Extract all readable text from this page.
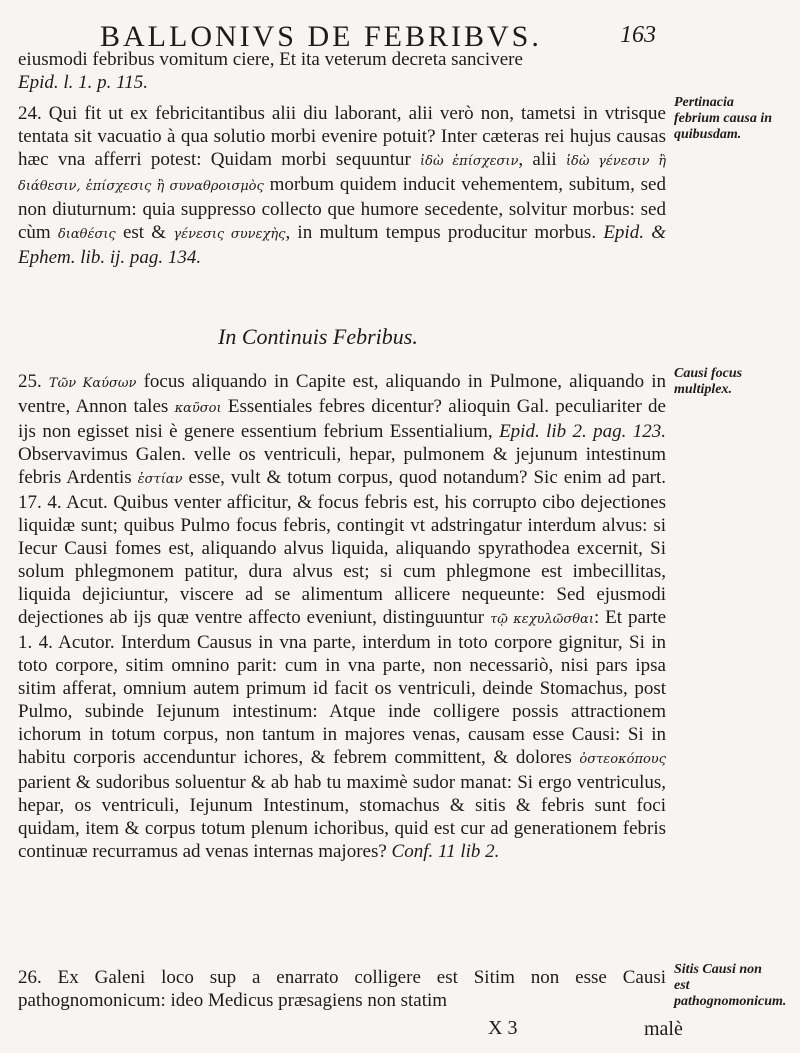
BALLONIVS DE FEBRIBVS.	163

eiusmodi febribus vomitum ciere, Et ita veterum decreta sancivere
Epid. l. 1. p. 115.

24. Qui fit ut ex febricitantibus alii diu laborant, alii verò non, tametsi in vtrisque tentata sit vacuatio à qua solutio morbi evenire potuit? Inter cæteras rei hujus causas hæc vna afferri potest: Quidam morbi sequuntur ἰδὼ ἐπίσχεσιν, alii ἰδὼ γένεσιν ἢ διάθεσιν, ἐπίσχεσις ἢ συναθροισμὸς morbum quidem inducit vehementem, subitum, sed non diuturnum: quia suppresso collecto que humore secedente, solvitur morbus: sed cùm διαθέσις est & γένεσις συνεχὴς, in multum tempus producitur morbus. Epid. & Ephem. lib. ij. pag. 134.

Pertinacia febrium causa in quibusdam.
In Continuis Febribus.

25. Τῶν Καύσων focus aliquando in Capite est, aliquando in Pulmone, aliquando in ventre, Annon tales καῦσοι Essentiales febres dicentur? alioquin Gal. peculiariter de ijs non egisset nisi è genere essentium febrium Essentialium, Epid. lib 2. pag. 123. Observavimus Galen. velle os ventriculi, hepar, pulmonem & jejunum intestinum febris Ardentis ἑστίαν esse, vult & totum corpus, quod notandum? Sic enim ad part. 17. 4. Acut. Quibus venter afficitur, & focus febris est, his corrupto cibo dejectiones liquidæ sunt; quibus Pulmo focus febris, contingit vt adstringatur interdum alvus: si Iecur Causi fomes est, aliquando alvus liquida, aliquando spyrathodea excernit, Si solum phlegmonem patitur, dura alvus est; si cum phlegmone est imbecillitas, liquida dejiciuntur, viscere ad se alimentum allicere nequeunte: Sed ejusmodi dejectiones ab ijs quæ ventre affecto eveniunt, distinguuntur τῷ κεχυλῶσθαι: Et parte 1. 4. Acutor. Interdum Causus in vna parte, interdum in toto corpore gignitur, Si in toto corpore, sitim omnino parit: cum in vna parte, non necessariò, nisi pars ipsa sitim afferat, omnium autem primum id facit os ventriculi, deinde Stomachus, post Pulmo, subinde Iejunum intestinum: Atque inde colligere possis attractionem ichorum in totum corpus, non tantum in majores venas, causam esse Causi: Si in habitu corporis accenduntur ichores, & febrem committent, & dolores ὀστεοκόπους parient & sudoribus soluentur & ab hab tu maximè sudor manat: Si ergo ventriculus, hepar, os ventriculi, Iejunum Intestinum, stomachus & sitis & febris sunt foci quidam, item & corpus totum plenum ichoribus, quid est cur ad generationem febris continuæ recurramus ad venas internas majores? Conf. 11 lib 2.

Causi focus multiplex.

26. Ex Galeni loco sup a enarrato colligere est Sitim non esse Causi pathognomonicum: ideo Medicus præsagiens non statim

Sitis Causi non est pathognomonicum.
X 3	malè
